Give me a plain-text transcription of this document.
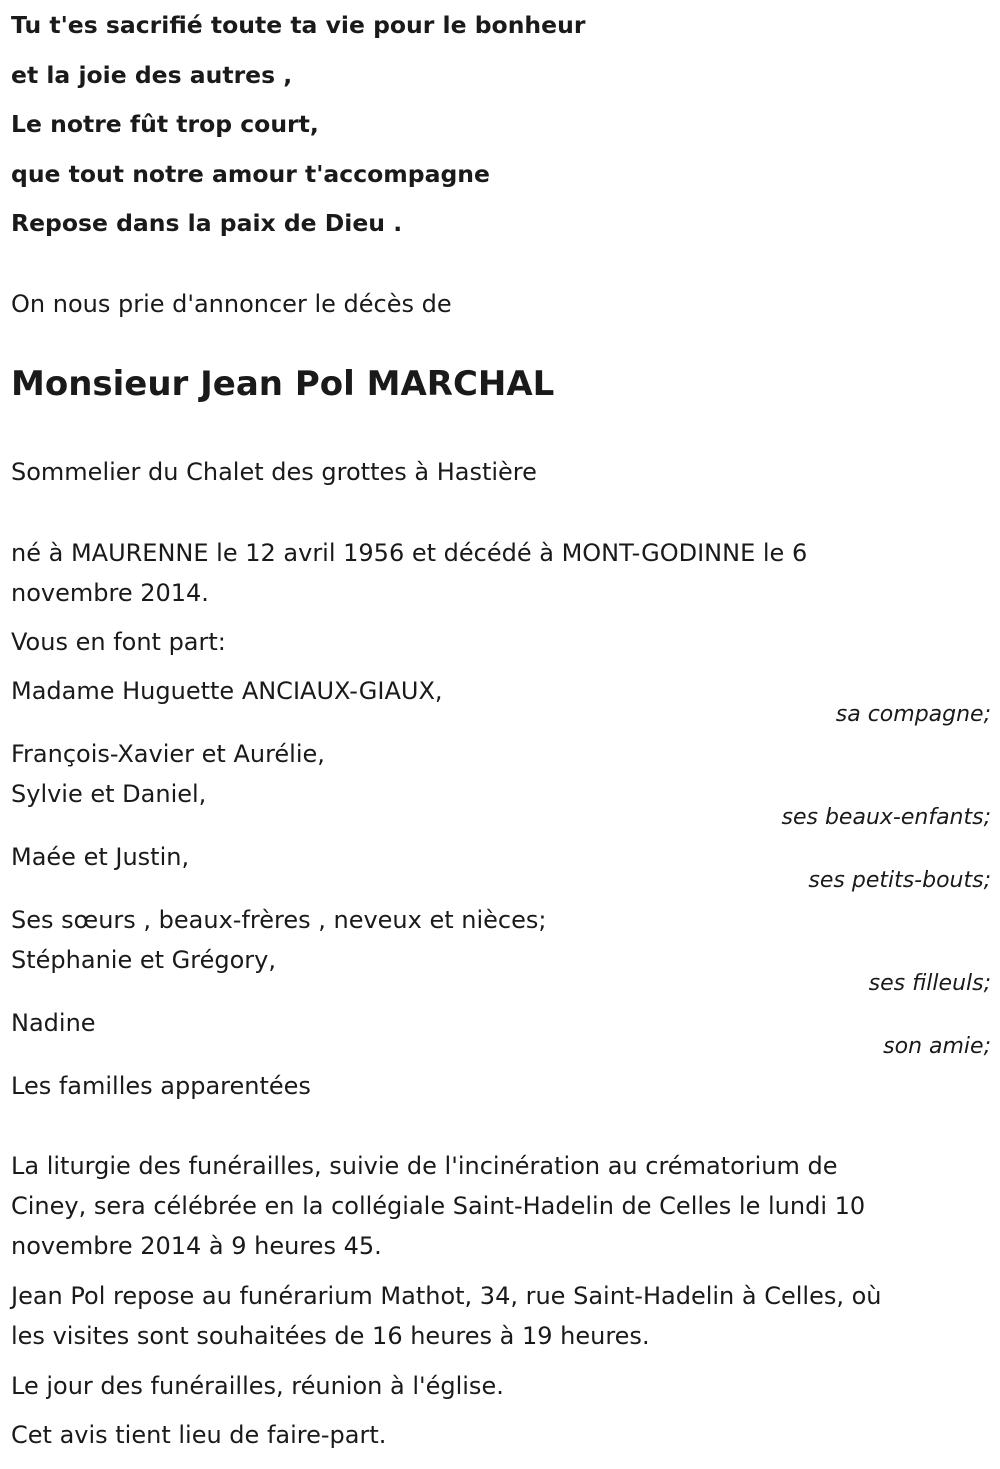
Tu t'es sacrifié toute ta vie pour le bonheur

et la joie des autres ,

Le notre fût trop court,

que tout notre amour t'accompagne

Repose dans la paix de Dieu .

On nous prie d'annoncer le décès de

Monsieur Jean Pol MARCHAL

Sommelier du Chalet des grottes à Hastière

né à MAURENNE le 12 avril 1956 et décédé à MONT-GODINNE le 6

novembre 2014.

Vous en font part:

Madame Huguette ANCIAUX-GIAUX,

sa compagne;

François-Xavier et Aurélie,

Sylvie et Daniel,

ses beaux-enfants;

Maée et Justin,

ses petits-bouts;

Ses sœurs , beaux-frères , neveux et nièces;

Stéphanie et Grégory,

ses filleuls;

Nadine

son amie;

Les familles apparentées

La liturgie des funérailles, suivie de l'incinération au crématorium de

Ciney, sera célébrée en la collégiale Saint-Hadelin de Celles le lundi 10

novembre 2014 à 9 heures 45.

Jean Pol repose au funérarium Mathot, 34, rue Saint-Hadelin à Celles, où

les visites sont souhaitées de 16 heures à 19 heures.

Le jour des funérailles, réunion à l'église.

Cet avis tient lieu de faire-part.
